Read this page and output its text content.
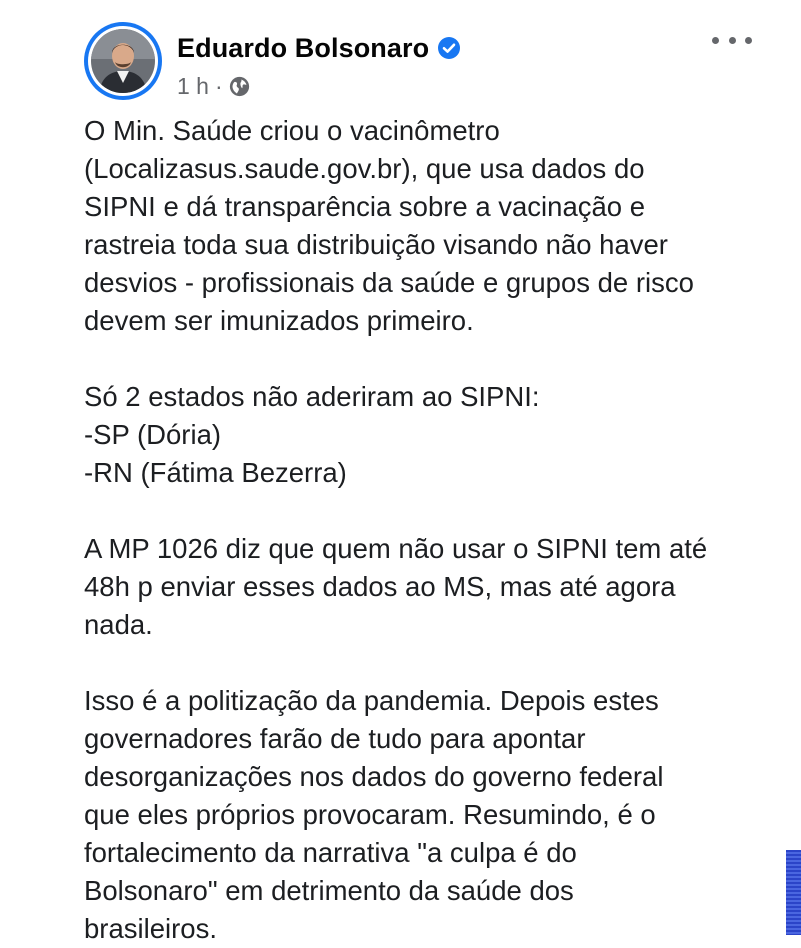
Eduardo Bolsonaro
1 h ·

O Min. Saúde criou o vacinômetro
(Localizasus.saude.gov.br), que usa dados do
SIPNI e dá transparência sobre a vacinação e
rastreia toda sua distribuição visando não haver
desvios - profissionais da saúde e grupos de risco
devem ser imunizados primeiro.

Só 2 estados não aderiram ao SIPNI:
-SP (Dória)
-RN (Fátima Bezerra)

A MP 1026 diz que quem não usar o SIPNI tem até
48h p enviar esses dados ao MS, mas até agora
nada.

Isso é a politização da pandemia. Depois estes
governadores farão de tudo para apontar
desorganizações nos dados do governo federal
que eles próprios provocaram. Resumindo, é o
fortalecimento da narrativa "a culpa é do
Bolsonaro" em detrimento da saúde dos
brasileiros.
